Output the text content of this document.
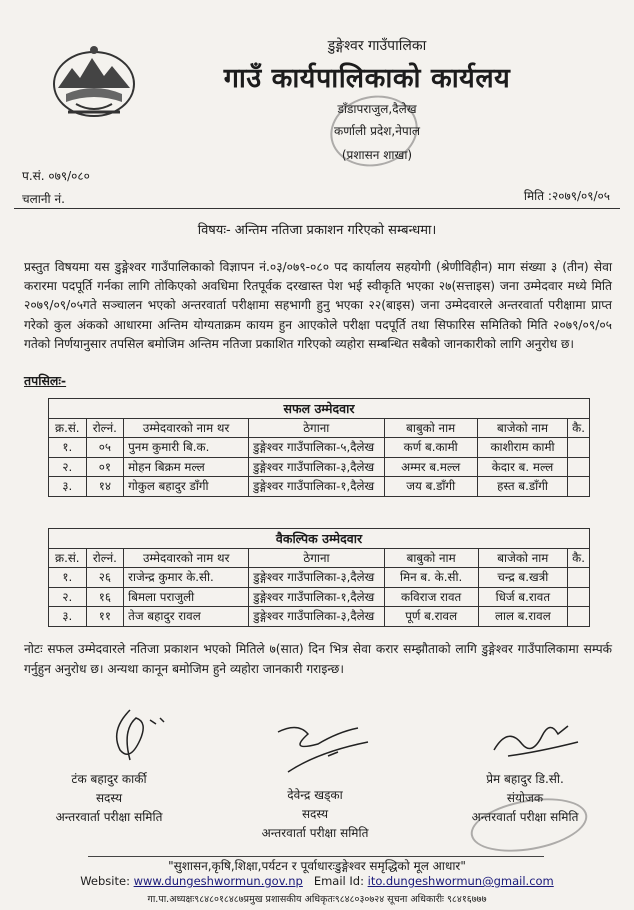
डुङ्गेश्वर गाउँपालिका
गाउँ कार्यपालिकाको कार्यलय
डाँडापराजुल,दैलेख
कर्णाली प्रदेश,नेपाल
(प्रशासन शाखा)
प.सं. ०७९/०८०
चलानी नं.	मिति :२०७९/०९/०५
विषयः- अन्तिम नतिजा प्रकाशन गरिएको सम्बन्धमा।
प्रस्तुत विषयमा यस डुङ्गेश्वर गाउँपालिकाको विज्ञापन नं.०३/०७९-०८० पद कार्यालय सहयोगी (श्रेणीविहीन) माग संख्या ३ (तीन) सेवा करारमा पदपूर्ति गर्नका लागि तोकिएको अवधिमा रितपूर्वक दरखास्त पेश भई स्वीकृति भएका २७(सत्ताइस) जना उम्मेदवार मध्ये मिति २०७९/०९/०५गते सञ्चालन भएको अन्तरवार्ता परीक्षामा सहभागी हुनु भएका २२(बाइस) जना उम्मेदवारले अन्तरवार्ता परीक्षामा प्राप्त गरेको कुल अंकको आधारमा अन्तिम योग्यताक्रम कायम हुन आएकोले परीक्षा पदपूर्ति तथा सिफारिस समितिको मिति २०७९/०९/०५ गतेको निर्णयानुसार तपसिल बमोजिम अन्तिम नतिजा प्रकाशित गरिएको व्यहोरा सम्बन्धित सबैको जानकारीको लागि अनुरोध छ।
तपसिलः-
सफल उम्मेदवार						
क्र.सं.	रोल्नं.	उम्मेदवारको नाम थर	ठेगाना	बाबुको नाम	बाजेको नाम	कै.
१.	०५	पुनम कुमारी बि.क.	डुङ्गेश्वर गाउँपालिका-५,दैलेख	कर्ण ब.कामी	काशीराम कामी	
२.	०१	मोहन बिक्रम मल्ल	डुङ्गेश्वर गाउँपालिका-३,दैलेख	अम्मर ब.मल्ल	केदार ब. मल्ल	
३.	१४	गोकुल बहादुर डाँगी	डुङ्गेश्वर गाउँपालिका-१,दैलेख	जय ब.डाँगी	हस्त ब.डाँगी	
वैकल्पिक उम्मेदवार						
क्र.सं.	रोल्नं.	उम्मेदवारको नाम थर	ठेगाना	बाबुको नाम	बाजेको नाम	कै.
१.	२६	राजेन्द्र कुमार के.सी.	डुङ्गेश्वर गाउँपालिका-३,दैलेख	मिन ब. के.सी.	चन्द्र ब.खत्री	
२.	१६	बिमला पराजुली	डुङ्गेश्वर गाउँपालिका-१,दैलेख	कविराज रावत	धिर्ज ब.रावत	
३.	११	तेज बहादुर रावल	डुङ्गेश्वर गाउँपालिका-३,दैलेख	पूर्ण ब.रावल	लाल ब.रावल	
नोटः सफल उम्मेदवारले नतिजा प्रकाशन भएको मितिले ७(सात) दिन भित्र सेवा करार सम्झौताको लागि डुङ्गेश्वर गाउँपालिकामा सम्पर्क गर्नुहुन अनुरोध छ। अन्यथा कानून बमोजिम हुने व्यहोरा जानकारी गराइन्छ।
टंक बहादुर कार्की
सदस्य
अन्तरवार्ता परीक्षा समिति
देवेन्द्र खड्का
सदस्य
अन्तरवार्ता परीक्षा समिति
प्रेम बहादुर डि.सी.
संयोजक
अन्तरवार्ता परीक्षा समिति
"सुशासन,कृषि,शिक्षा,पर्यटन र पूर्वाधारःडुङ्गेश्वर समृद्धिको मूल आधार"
Website: www.dungeshwormun.gov.np Email Id: ito.dungeshwormun@gmail.com
गा.पा.अध्यक्षः९८४८०१८४८७प्रमुख प्रशासकीय अधिकृतः९८४८०३०७२४ सूचना अधिकारीः ९८४१६७७७
